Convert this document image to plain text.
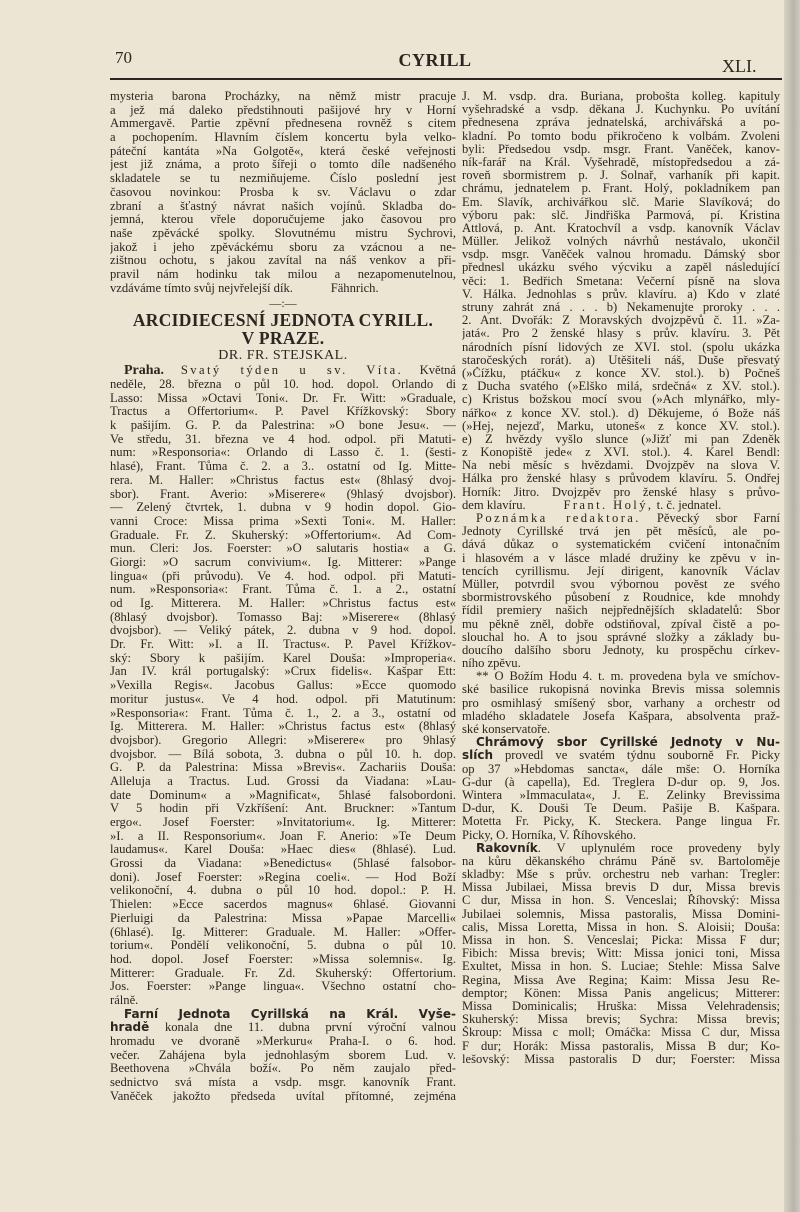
70	CYRILL	XLI.
mysteria barona Procházky, na němž mistr pracuje
a jež má daleko předstihnouti pašijové hry v Horní
Ammergavě. Partie zpěvní přednesena rovněž s citem
a pochopením. Hlavním číslem koncertu byla velko-
páteční kantáta »Na Golgotě«, která české veřejnosti
jest již známa, a proto šířeji o tomto díle nadšeného
skladatele se tu nezmiňujeme. Číslo poslední jest
časovou novinkou: Prosba k sv. Václavu o zdar
zbraní a šťastný návrat našich vojínů. Skladba do-
jemná, kterou vřele doporučujeme jako časovou pro
naše zpěvácké spolky. Slovutnému mistru Sychrovi,
jakož i jeho zpěváckému sboru za vzácnou a ne-
zištnou ochotu, s jakou zavítal na náš venkov a při-
pravil nám hodinku tak milou a nezapomenutelnou,
vzdáváme tímto svůj nejvřelejší dík.            Fähnrich.
—:—
ARCIDIECESNÍ JEDNOTA CYRILL.
V PRAZE.
DR. FR. STEJSKAL.
Praha. Svatý týden u sv. Víta. Květná
neděle, 28. března o půl 10. hod. dopol. Orlando di
Lasso: Missa »Octavi Toni«. Dr. Fr. Witt: »Graduale,
Tractus a Offertorium«. P. Pavel Křížkovský: Sbory
k pašijím. G. P. da Palestrina: »O bone Jesu«. —
Ve středu, 31. března ve 4 hod. odpol. při Matuti-
num: »Responsoria«: Orlando di Lasso č. 1. (šesti-
hlasé), Frant. Tůma č. 2. a 3.. ostatní od Ig. Mitte-
rera. M. Haller: »Christus factus est« (8hlasý dvoj-
sbor). Frant. Averio: »Miserere« (9hlasý dvojsbor).
— Zelený čtvrtek, 1. dubna v 9 hodin dopol. Gio-
vanni Croce: Missa prima »Sexti Toni«. M. Haller:
Graduale. Fr. Z. Skuherský: »Offertorium«. Ad Com-
mun. Cleri: Jos. Foerster: »O salutaris hostia« a G.
Giorgi: »O sacrum convivium«. Ig. Mitterer: »Pange
lingua« (při průvodu). Ve 4. hod. odpol. při Matuti-
num. »Responsoria«: Frant. Tůma č. 1. a 2., ostatní
od Ig. Mitterera. M. Haller: »Christus factus est«
(8hlasý dvojsbor). Tomasso Baj: »Miserere« (8hlasý
dvojsbor). — Veliký pátek, 2. dubna v 9 hod. dopol.
Dr. Fr. Witt: »I. a II. Tractus«. P. Pavel Křížkov-
ský: Sbory k pašijím. Karel Douša: »Improperia«.
Jan IV. král portugalský: »Crux fidelis«. Kašpar Ett:
»Vexilla Regis«. Jacobus Gallus: »Ecce quomodo
moritur justus«. Ve 4 hod. odpol. při Matutinum:
»Responsoria«: Frant. Tůma č. 1., 2. a 3., ostatní od
Ig. Mitterera. M. Haller: »Christus factus est« (8hlasý
dvojsbor). Gregorio Allegri: »Miserere« pro 9hlasý
dvojsbor. — Bílá sobota, 3. dubna o půl 10. h. dop.
G. P. da Palestrina: Missa »Brevis«. Zachariis Douša:
Alleluja a Tractus. Lud. Grossi da Viadana: »Lau-
date Dominum« a »Magnificat«, 5hlasé falsobordoni.
V 5 hodin při Vzkříšení: Ant. Bruckner: »Tantum
ergo«. Josef Foerster: »Invitatorium«. Ig. Mitterer:
»I. a II. Responsorium«. Joan F. Anerio: »Te Deum
laudamus«. Karel Douša: »Haec dies« (8hlasé). Lud.
Grossi da Viadana: »Benedictus« (5hlasé falsobor-
doni). Josef Foerster: »Regina coeli«. — Hod Boží
velikonoční, 4. dubna o půl 10 hod. dopol.: P. H.
Thielen: »Ecce sacerdos magnus« 6hlasé. Giovanni
Pierluigi da Palestrina: Missa »Papae Marcelli«
(6hlasé). Ig. Mitterer: Graduale. M. Haller: »Offer-
torium«. Pondělí velikonoční, 5. dubna o půl 10.
hod. dopol. Josef Foerster: »Missa solemnis«. Ig.
Mitterer: Graduale. Fr. Zd. Skuherský: Offertorium.
Jos. Foerster: »Pange lingua«. Všechno ostatní cho-
rálně.
Farní Jednota Cyrillská na Král. Vyše-
hradě konala dne 11. dubna první výroční valnou
hromadu ve dvoraně »Merkuru« Praha-I. o 6. hod.
večer. Zahájena byla jednohlasým sborem Lud. v.
Beethovena »Chvála boží«. Po něm zaujalo před-
sednictvo svá místa a vsdp. msgr. kanovník Frant.
Vaněček jakožto předseda uvítal přítomné, zejména
J. M. vsdp. dra. Buriana, probošta kolleg. kapituly
vyšehradské a vsdp. děkana J. Kuchynku. Po uvítání
přednesena zpráva jednatelská, archivářská a po-
kladní. Po tomto bodu přikročeno k volbám. Zvoleni
byli: Předsedou vsdp. msgr. Frant. Vaněček, kanov-
ník-farář na Král. Vyšehradě, místopředsedou a zá-
roveň sbormistrem p. J. Solnař, varhaník při kapit.
chrámu, jednatelem p. Frant. Holý, pokladníkem pan
Em. Slavík, archivářkou slč. Marie Slavíková; do
výboru pak: slč. Jindřiška Parmová, pí. Kristina
Attlová, p. Ant. Kratochvíl a vsdp. kanovník Václav
Müller. Jelikož volných návrhů nestávalo, ukončil
vsdp. msgr. Vaněček valnou hromadu. Dámský sbor
přednesl ukázku svého výcviku a zapěl následující
věci: 1. Bedřich Smetana: Večerní písně na slova
V. Hálka. Jednohlas s prův. klavíru. a) Kdo v zlaté
struny zahrát zná . . . b) Nekamenujte proroky . . .
2. Ant. Dvořák: Z Moravských dvojzpěvů č. 11. »Za-
jatá«. Pro 2 ženské hlasy s prův. klavíru. 3. Pět
národních písní lidových ze XVI. stol. (spolu ukázka
staročeských rorát). a) Utěšiteli náš, Duše přesvatý
(»Čížku, ptáčku« z konce XV. stol.). b) Počneš
z Ducha svatého (»Elško milá, srdečná« z XV. stol.).
c) Kristus božskou mocí svou (»Ach mlynářko, mly-
nářko« z konce XV. stol.). d) Děkujeme, ó Bože náš
(»Hej, nejezď, Marku, utoneš« z konce XV. stol.).
e) Z hvězdy vyšlo slunce (»Jižť mi pan Zdeněk
z Konopiště jede« z XVI. stol.). 4. Karel Bendl:
Na nebi měsíc s hvězdami. Dvojzpěv na slova V.
Hálka pro ženské hlasy s průvodem klavíru. 5. Ondřej
Horník: Jitro. Dvojzpěv pro ženské hlasy s průvo-
dem klavíru.            Frant. Holý, t. č. jednatel.
Poznámka redaktora. Pěvecký sbor Farní
Jednoty Cyrillské trvá jen pět měsíců, ale po-
dává důkaz o systematickém cvičení intonačním
i hlasovém a v lásce mladé družiny ke zpěvu v in-
tencích cyrillismu. Její dirigent, kanovník Václav
Müller, potvrdil svou výbornou pověst ze svého
sbormistrovského působení z Roudnice, kde mnohdy
řídil premiery našich nejpřednějších skladatelů: Sbor
mu pěkně zněl, dobře odstiňoval, zpíval čistě a po-
slouchal ho. A to jsou správné složky a základy bu-
doucího dalšího sboru Jednoty, ku prospěchu církev-
ního zpěvu.
** O Božím Hodu 4. t. m. provedena byla ve smíchov-
ské basilice rukopisná novinka Brevis missa solemnis
pro osmihlasý smíšený sbor, varhany a orchestr od
mladého skladatele Josefa Kašpara, absolventa praž-
ské konservatoře.
Chrámový sbor Cyrillské Jednoty v Nu-
slích provedl ve svatém týdnu souborně Fr. Picky
op 37 »Hebdomas sancta«, dále mše: O. Horníka
G-dur (à capella), Ed. Treglera D-dur op. 9, Jos.
Wintera »Immaculata«, J. E. Zelinky Brevissima
D-dur, K. Douši Te Deum. Pašije B. Kašpara.
Motetta Fr. Picky, K. Steckera. Pange lingua Fr.
Picky, O. Horníka, V. Říhovského.
Rakovník. V uplynulém roce provedeny byly
na kůru děkanského chrámu Páně sv. Bartoloměje
skladby: Mše s prův. orchestru neb varhan: Tregler:
Missa Jubilaei, Missa brevis D dur, Missa brevis
C dur, Missa in hon. S. Venceslai; Říhovský: Missa
Jubilaei solemnis, Missa pastoralis, Missa Domini-
calis, Missa Loretta, Missa in hon. S. Aloisii; Douša:
Missa in hon. S. Venceslai; Picka: Missa F dur;
Fibich: Missa brevis; Witt: Missa jonici toni, Missa
Exultet, Missa in hon. S. Luciae; Stehle: Missa Salve
Regina, Missa Ave Regina; Kaim: Missa Jesu Re-
demptor; Könen: Missa Panis angelicus; Mitterer:
Missa Dominicalis; Hruška: Missa Velehradensis;
Skuherský: Missa brevis; Sychra: Missa brevis;
Škroup: Missa c moll; Omáčka: Missa C dur, Missa
F dur; Horák: Missa pastoralis, Missa B dur; Ko-
lešovský: Missa pastoralis D dur; Foerster: Missa
